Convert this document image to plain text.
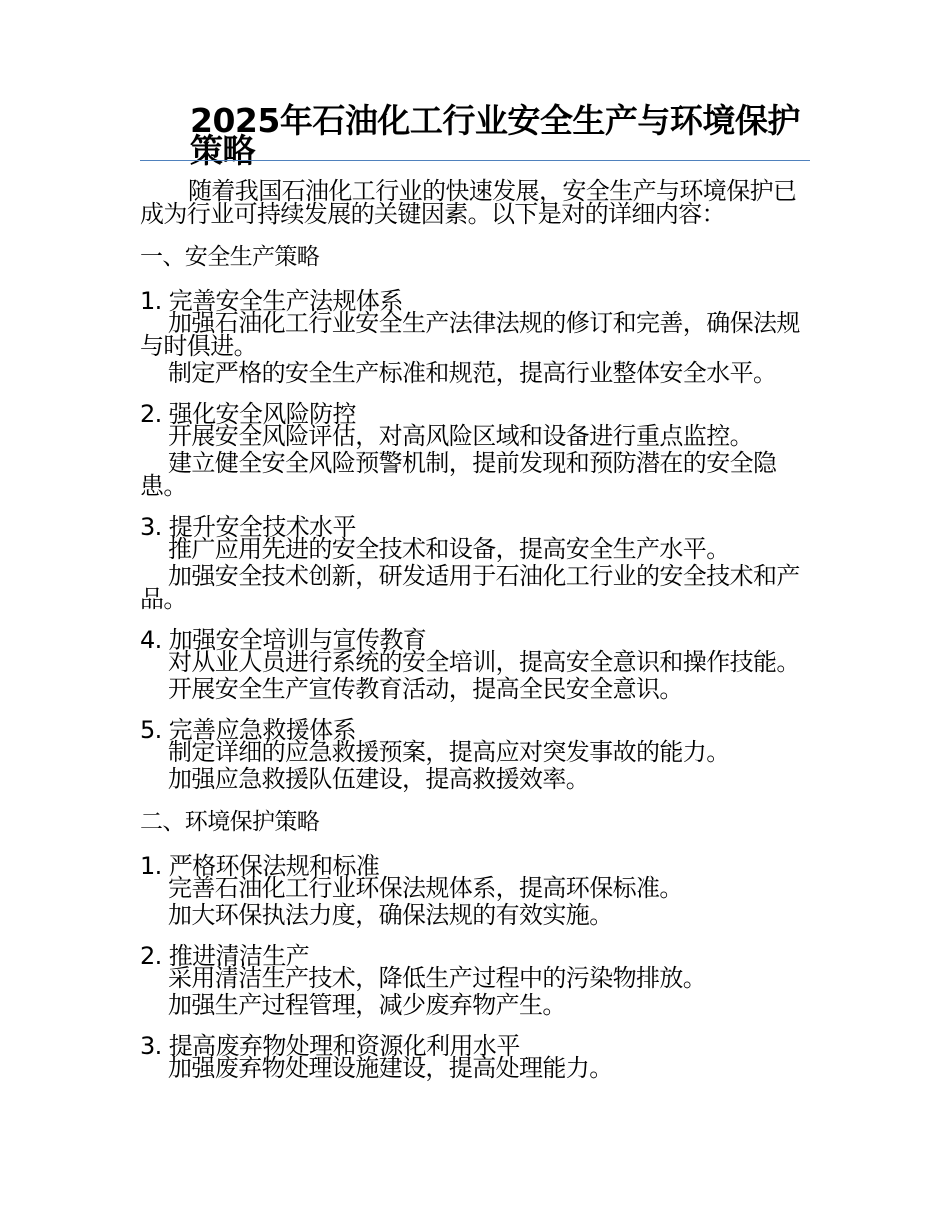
2025年石油化工行业安全生产与环境保护策略

随着我国石油化工行业的快速发展，安全生产与环境保护已成为行业可持续发展的关键因素。以下是对的详细内容：

一、安全生产策略

1. 完善安全生产法规体系

加强石油化工行业安全生产法律法规的修订和完善，确保法规与时俱进。

制定严格的安全生产标准和规范，提高行业整体安全水平。

2. 强化安全风险防控

开展安全风险评估，对高风险区域和设备进行重点监控。

建立健全安全风险预警机制，提前发现和预防潜在的安全隐患。

3. 提升安全技术水平

推广应用先进的安全技术和设备，提高安全生产水平。

加强安全技术创新，研发适用于石油化工行业的安全技术和产品。

4. 加强安全培训与宣传教育

对从业人员进行系统的安全培训，提高安全意识和操作技能。

开展安全生产宣传教育活动，提高全民安全意识。

5. 完善应急救援体系

制定详细的应急救援预案，提高应对突发事故的能力。

加强应急救援队伍建设，提高救援效率。

二、环境保护策略

1. 严格环保法规和标准

完善石油化工行业环保法规体系，提高环保标准。

加大环保执法力度，确保法规的有效实施。

2. 推进清洁生产

采用清洁生产技术，降低生产过程中的污染物排放。

加强生产过程管理，减少废弃物产生。

3. 提高废弃物处理和资源化利用水平

加强废弃物处理设施建设，提高处理能力。
